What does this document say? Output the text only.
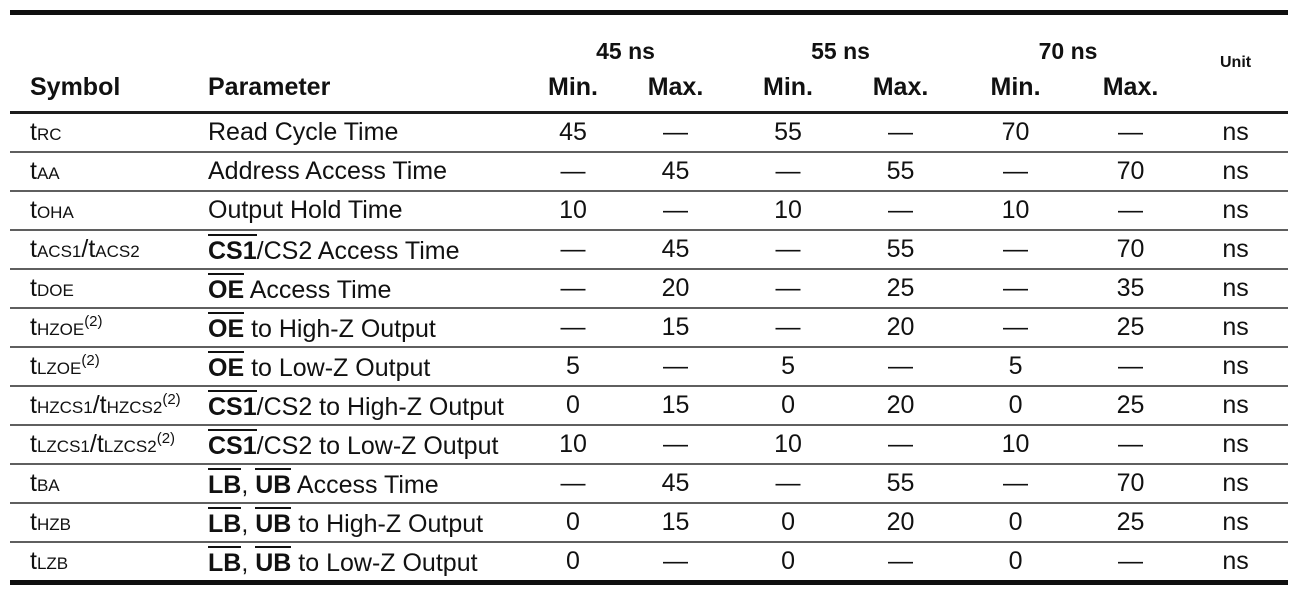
Symbol	Parameter	45 ns		55 ns		70 ns		Unit
		Min.	Max.	Min.	Max.	Min.	Max.	
tRC	Read Cycle Time	45	—	55	—	70	—	ns
tAA	Address Access Time	—	45	—	55	—	70	ns
tOHA	Output Hold Time	10	—	10	—	10	—	ns
tACS1/tACS2	CS1/CS2 Access Time	—	45	—	55	—	70	ns
tDOE	OE Access Time	—	20	—	25	—	35	ns
tHZOE$^{(2)}$	OE to High-Z Output	—	15	—	20	—	25	ns
tLZOE$^{(2)}$	OE to Low-Z Output	5	—	5	—	5	—	ns
tHZCS1/tHZCS2$^{(2)}$	CS1/CS2 to High-Z Output	0	15	0	20	0	25	ns
tLZCS1/tLZCS2$^{(2)}$	CS1/CS2 to Low-Z Output	10	—	10	—	10	—	ns
tBA	LB, UB Access Time	—	45	—	55	—	70	ns
tHZB	LB, UB to High-Z Output	0	15	0	20	0	25	ns
tLZB	LB, UB to Low-Z Output	0	—	0	—	0	—	ns
